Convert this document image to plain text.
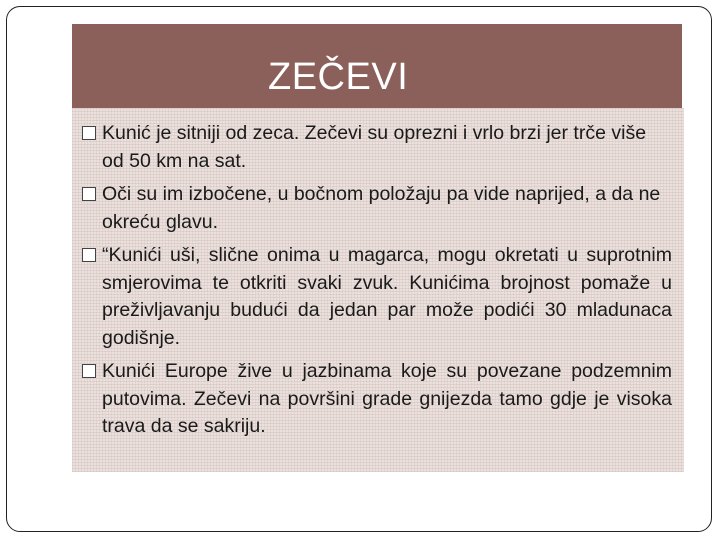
ZEČEVI
Kunić je sitniji od zeca. Zečevi su oprezni i vrlo brzi jer trče više od 50 km na sat.
Oči su im izbočene, u bočnom položaju pa vide naprijed, a da ne okreću glavu.
“Kunići uši, slične onima u magarca, mogu okretati u suprotnim smjerovima te otkriti svaki zvuk. Kunićima brojnost pomaže u preživljavanju budući da jedan par može podići 30 mladunaca godišnje.
Kunići Europe žive u jazbinama koje su povezane podzemnim putovima. Zečevi na površini grade gnijezda tamo gdje je visoka trava da se sakriju.
